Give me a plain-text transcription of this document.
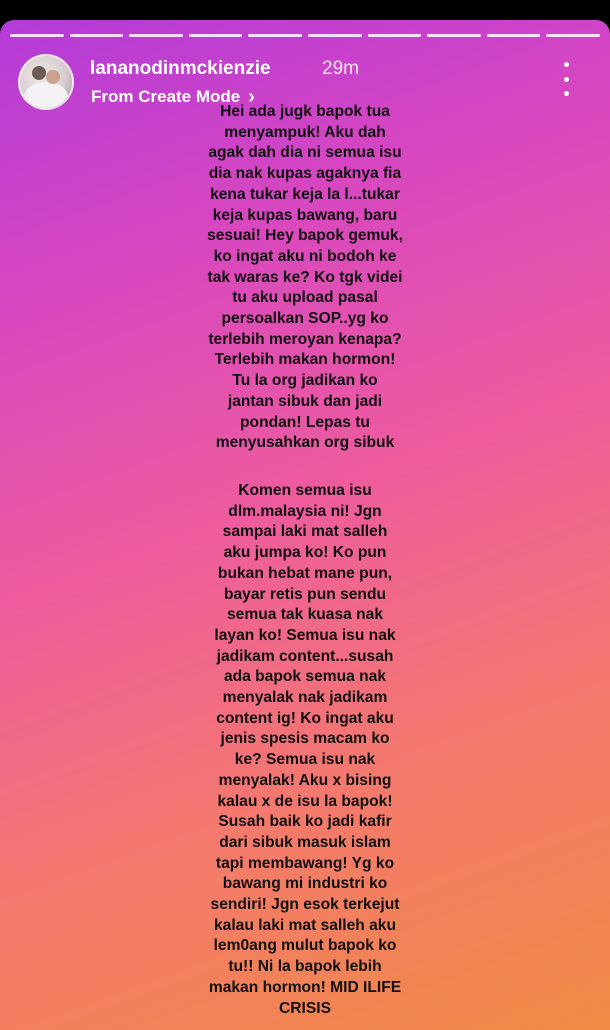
lananodinmckienzie	29m
From Create Mode ›
Hei ada jugk bapok tua
menyampuk! Aku dah
agak dah dia ni semua isu
dia nak kupas agaknya fia
kena tukar keja la l...tukar
keja kupas bawang, baru
sesuai! Hey bapok gemuk,
ko ingat aku ni bodoh ke
tak waras ke? Ko tgk videi
tu aku upload pasal
persoalkan SOP..yg ko
terlebih meroyan kenapa?
Terlebih makan hormon!
Tu la org jadikan ko
jantan sibuk dan jadi
pondan! Lepas tu
menyusahkan org sibuk
Komen semua isu
dlm.malaysia ni! Jgn
sampai laki mat salleh
aku jumpa ko! Ko pun
bukan hebat mane pun,
bayar retis pun sendu
semua tak kuasa nak
layan ko! Semua isu nak
jadikam content...susah
ada bapok semua nak
menyalak nak jadikam
content ig! Ko ingat aku
jenis spesis macam ko
ke? Semua isu nak
menyalak! Aku x bising
kalau x de isu la bapok!
Susah baik ko jadi kafir
dari sibuk masuk islam
tapi membawang! Yg ko
bawang mi industri ko
sendiri! Jgn esok terkejut
kalau laki mat salleh aku
lem0ang mulut bapok ko
tu!! Ni la bapok lebih
makan hormon! MID ILIFE
CRISIS
